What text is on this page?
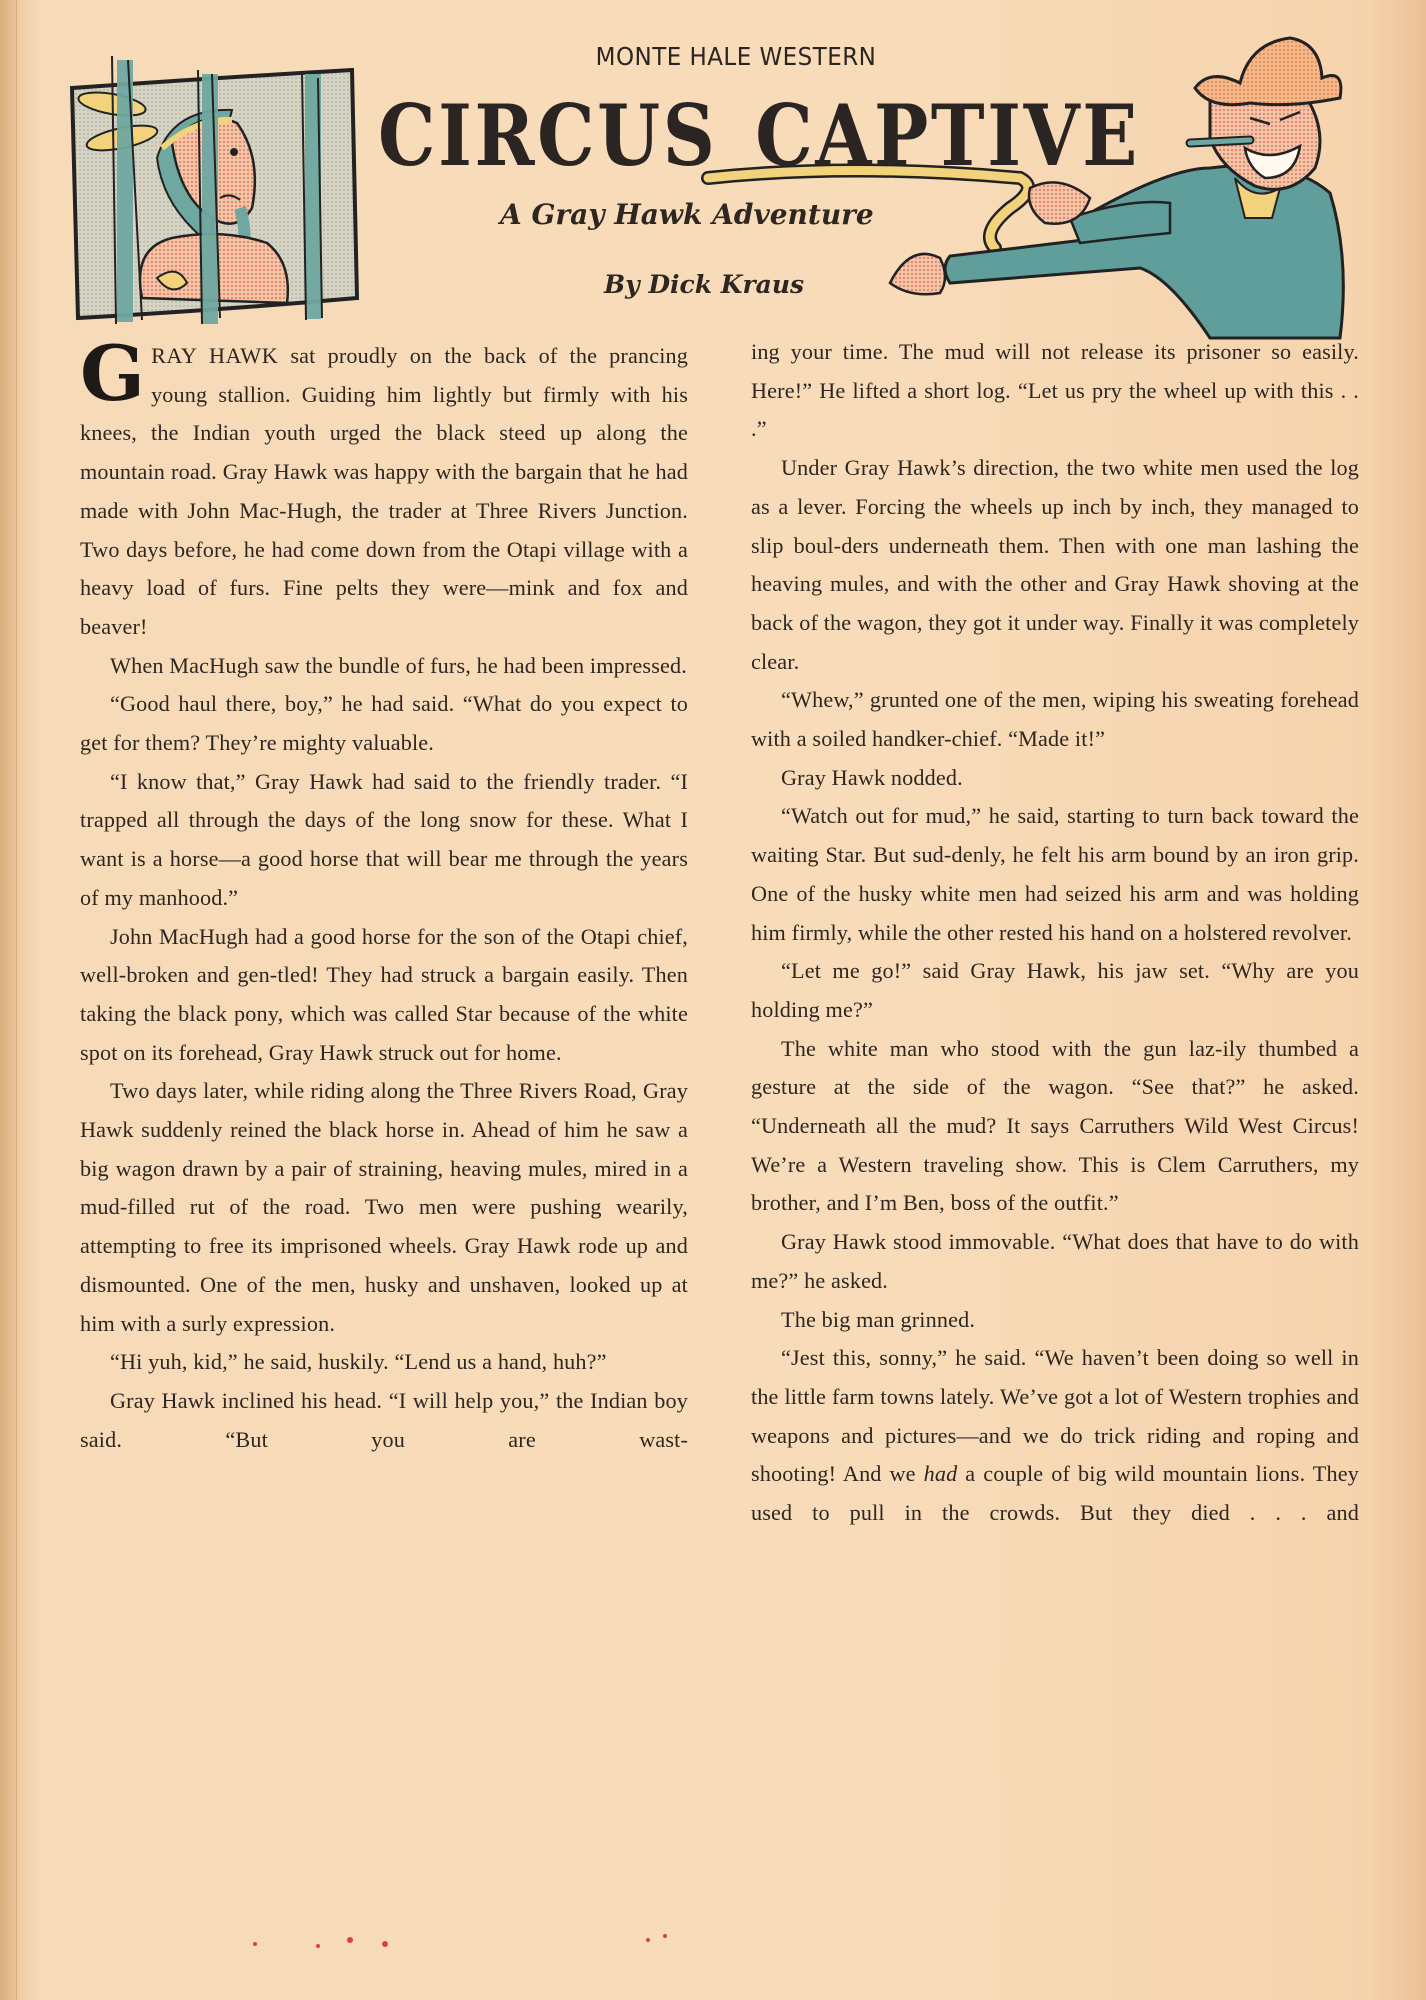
MONTE HALE WESTERN
CIRCUS CAPTIVE
A Gray Hawk Adventure
By Dick Kraus

GRAY HAWK sat proudly on the back of the prancing young stallion. Guiding him lightly but firmly with his knees, the Indian youth urged the black steed up along the mountain road. Gray Hawk was happy with the bargain that he had made with John Mac-Hugh, the trader at Three Rivers Junction. Two days before, he had come down from the Otapi village with a heavy load of furs. Fine pelts they were—mink and fox and beaver!

When MacHugh saw the bundle of furs, he had been impressed.

“Good haul there, boy,” he had said. “What do you expect to get for them? They’re mighty valuable.

“I know that,” Gray Hawk had said to the friendly trader. “I trapped all through the days of the long snow for these. What I want is a horse—a good horse that will bear me through the years of my manhood.”

John MacHugh had a good horse for the son of the Otapi chief, well-broken and gen-tled! They had struck a bargain easily. Then taking the black pony, which was called Star because of the white spot on its forehead, Gray Hawk struck out for home.

Two days later, while riding along the Three Rivers Road, Gray Hawk suddenly reined the black horse in. Ahead of him he saw a big wagon drawn by a pair of straining, heaving mules, mired in a mud-filled rut of the road. Two men were pushing wearily, attempting to free its imprisoned wheels. Gray Hawk rode up and dismounted. One of the men, husky and unshaven, looked up at him with a surly expression.

“Hi yuh, kid,” he said, huskily. “Lend us a hand, huh?”

Gray Hawk inclined his head. “I will help you,” the Indian boy said. “But you are wast-

ing your time. The mud will not release its prisoner so easily. Here!” He lifted a short log. “Let us pry the wheel up with this . . .”

Under Gray Hawk’s direction, the two white men used the log as a lever. Forcing the wheels up inch by inch, they managed to slip boul-ders underneath them. Then with one man lashing the heaving mules, and with the other and Gray Hawk shoving at the back of the wagon, they got it under way. Finally it was completely clear.

“Whew,” grunted one of the men, wiping his sweating forehead with a soiled handker-chief. “Made it!”

Gray Hawk nodded.

“Watch out for mud,” he said, starting to turn back toward the waiting Star. But sud-denly, he felt his arm bound by an iron grip. One of the husky white men had seized his arm and was holding him firmly, while the other rested his hand on a holstered revolver.

“Let me go!” said Gray Hawk, his jaw set. “Why are you holding me?”

The white man who stood with the gun laz-ily thumbed a gesture at the side of the wagon. “See that?” he asked. “Underneath all the mud? It says Carruthers Wild West Circus! We’re a Western traveling show. This is Clem Carruthers, my brother, and I’m Ben, boss of the outfit.”

Gray Hawk stood immovable. “What does that have to do with me?” he asked.

The big man grinned.

“Jest this, sonny,” he said. “We haven’t been doing so well in the little farm towns lately. We’ve got a lot of Western trophies and weapons and pictures—and we do trick riding and roping and shooting! And we had a couple of big wild mountain lions. They used to pull in the crowds. But they died . . . and
